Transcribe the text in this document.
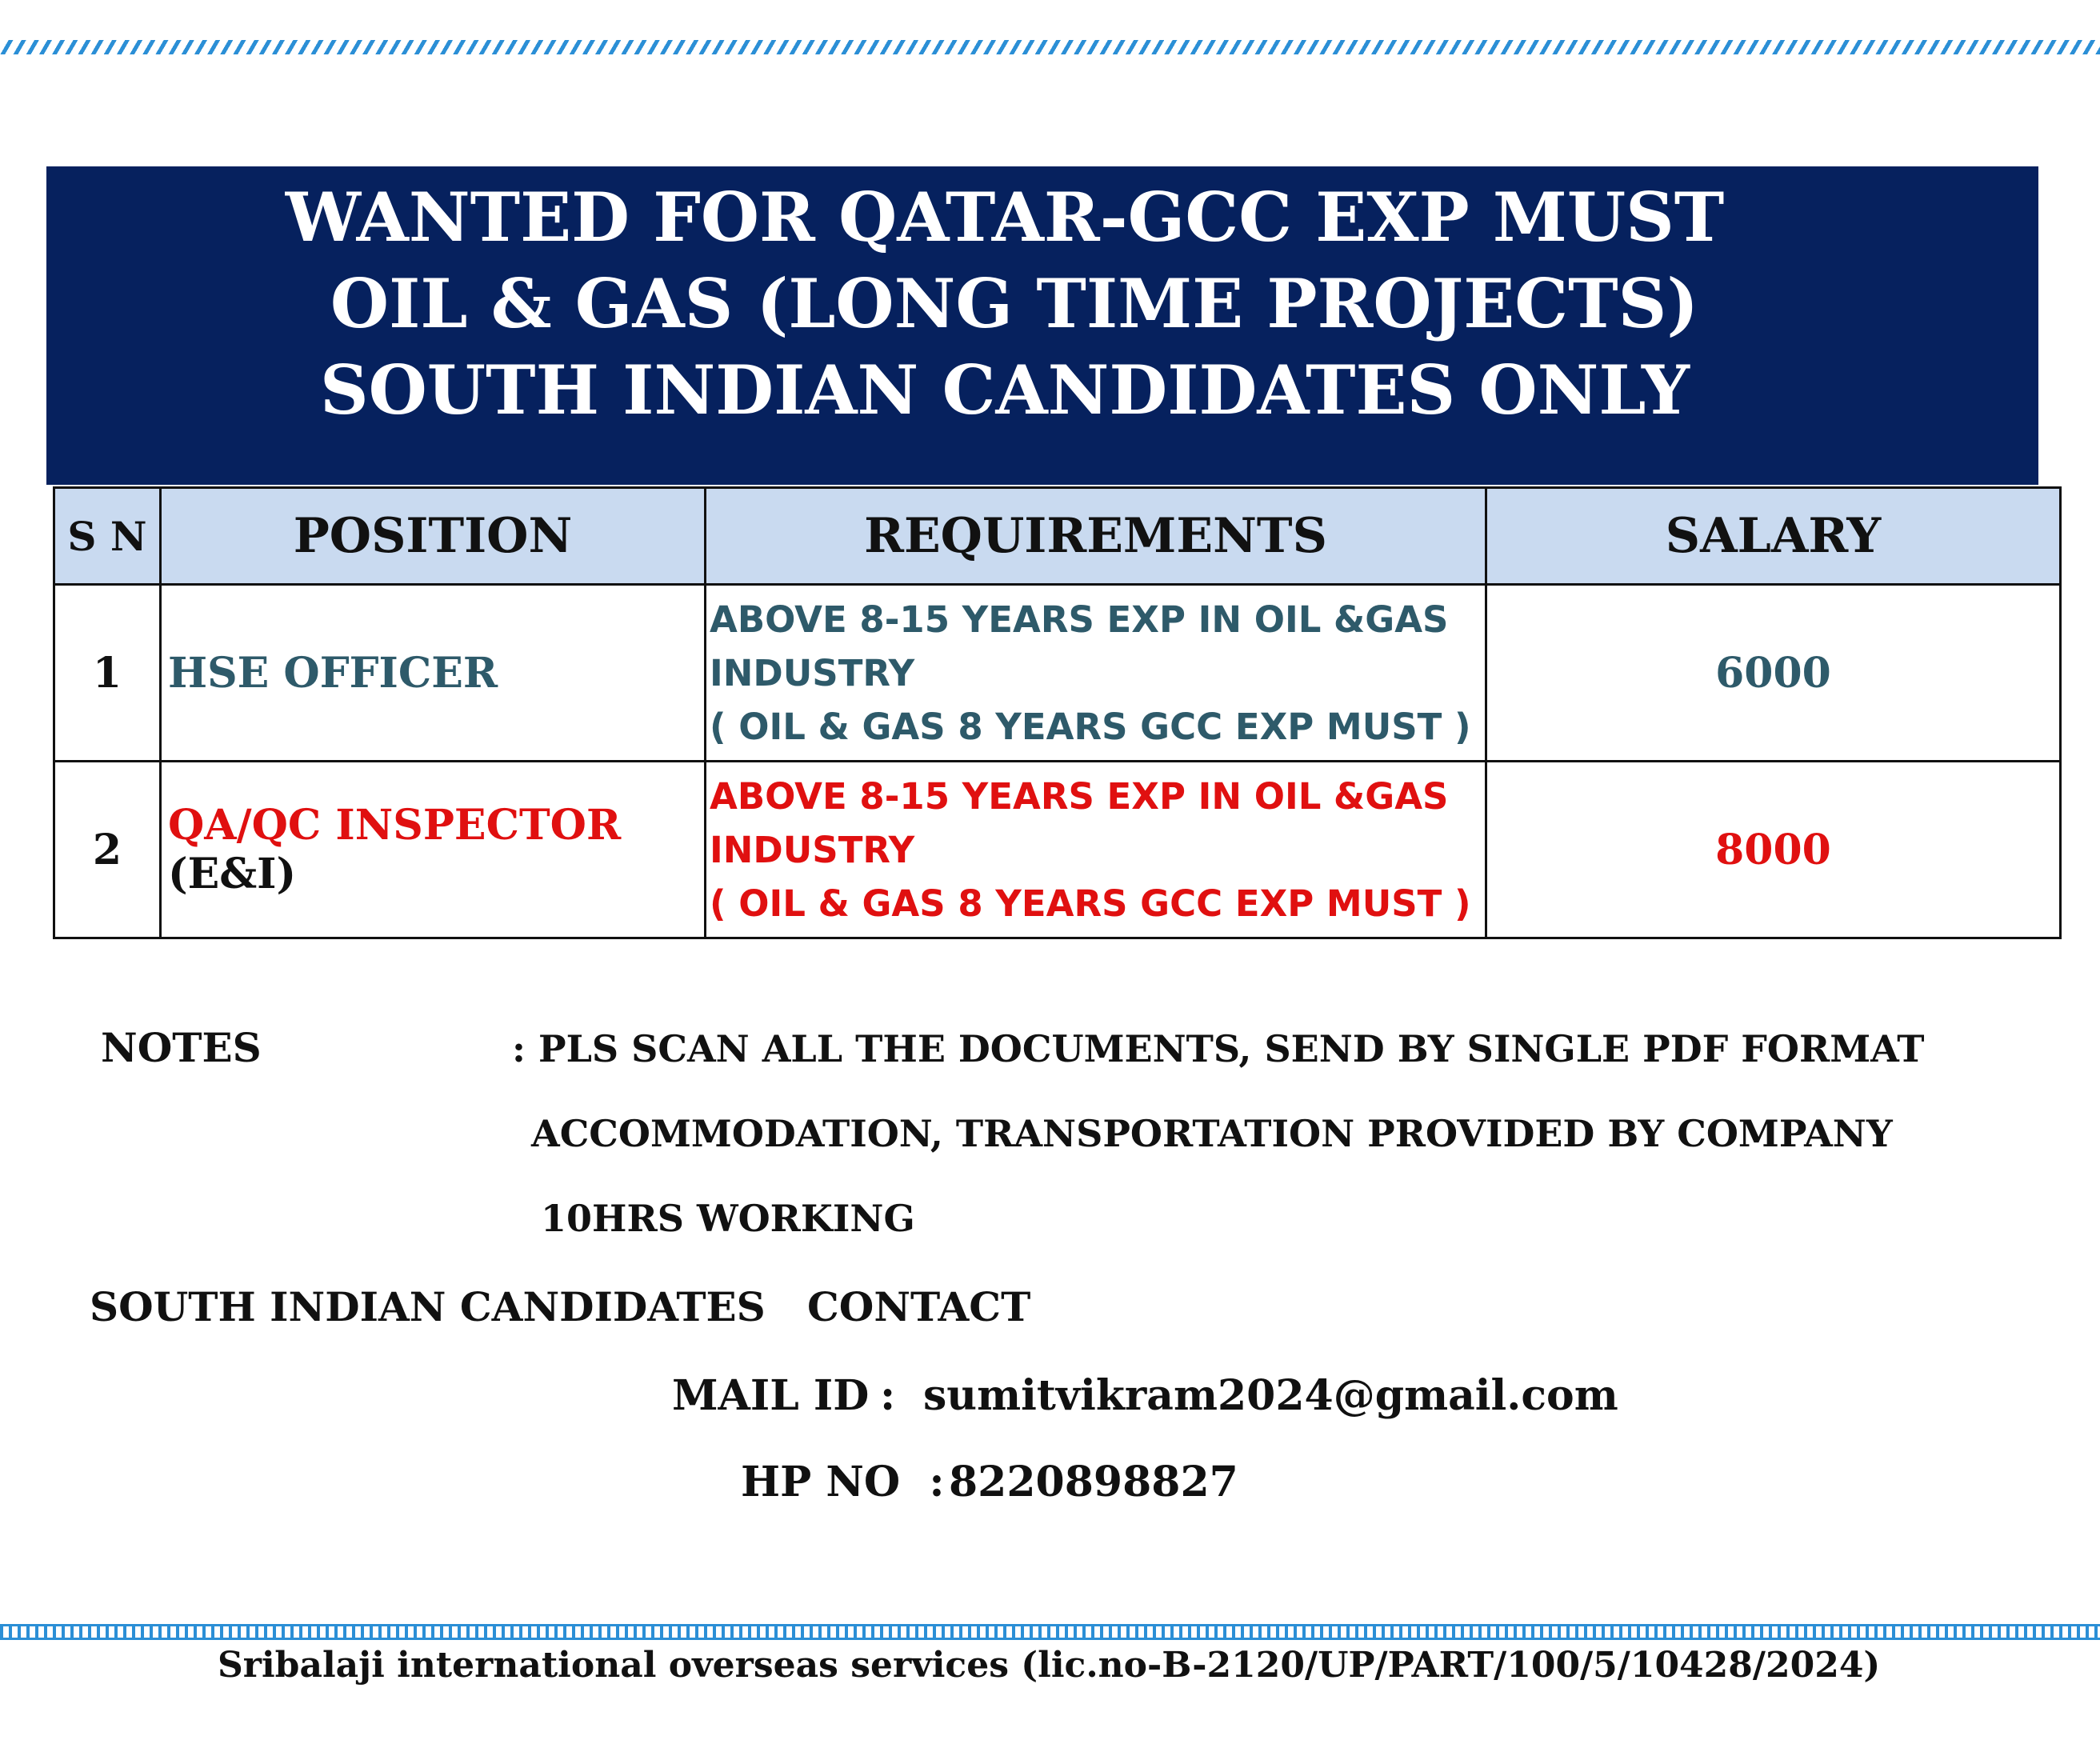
WANTED FOR QATAR-GCC EXP MUST
OIL & GAS (LONG TIME PROJECTS)
SOUTH INDIAN CANDIDATES ONLY
S N	POSITION	REQUIREMENTS	SALARY
1	HSE OFFICER	ABOVE 8-15 YEARS EXP IN OIL &GAS
INDUSTRY
( OIL & GAS 8 YEARS GCC EXP MUST )	6000
2	QA/QC INSPECTOR (E&I)	ABOVE 8-15 YEARS EXP IN OIL &GAS
INDUSTRY
( OIL & GAS 8 YEARS GCC EXP MUST )	8000
NOTES	: PLS SCAN ALL THE DOCUMENTS, SEND BY SINGLE PDF FORMAT
ACCOMMODATION, TRANSPORTATION PROVIDED BY COMPANY
10HRS WORKING
SOUTH INDIAN CANDIDATES   CONTACT
MAIL ID : sumitvikram2024@gmail.com
HP NO  : 8220898827
Sribalaji international overseas services (lic.no-B-2120/UP/PART/100/5/10428/2024)
